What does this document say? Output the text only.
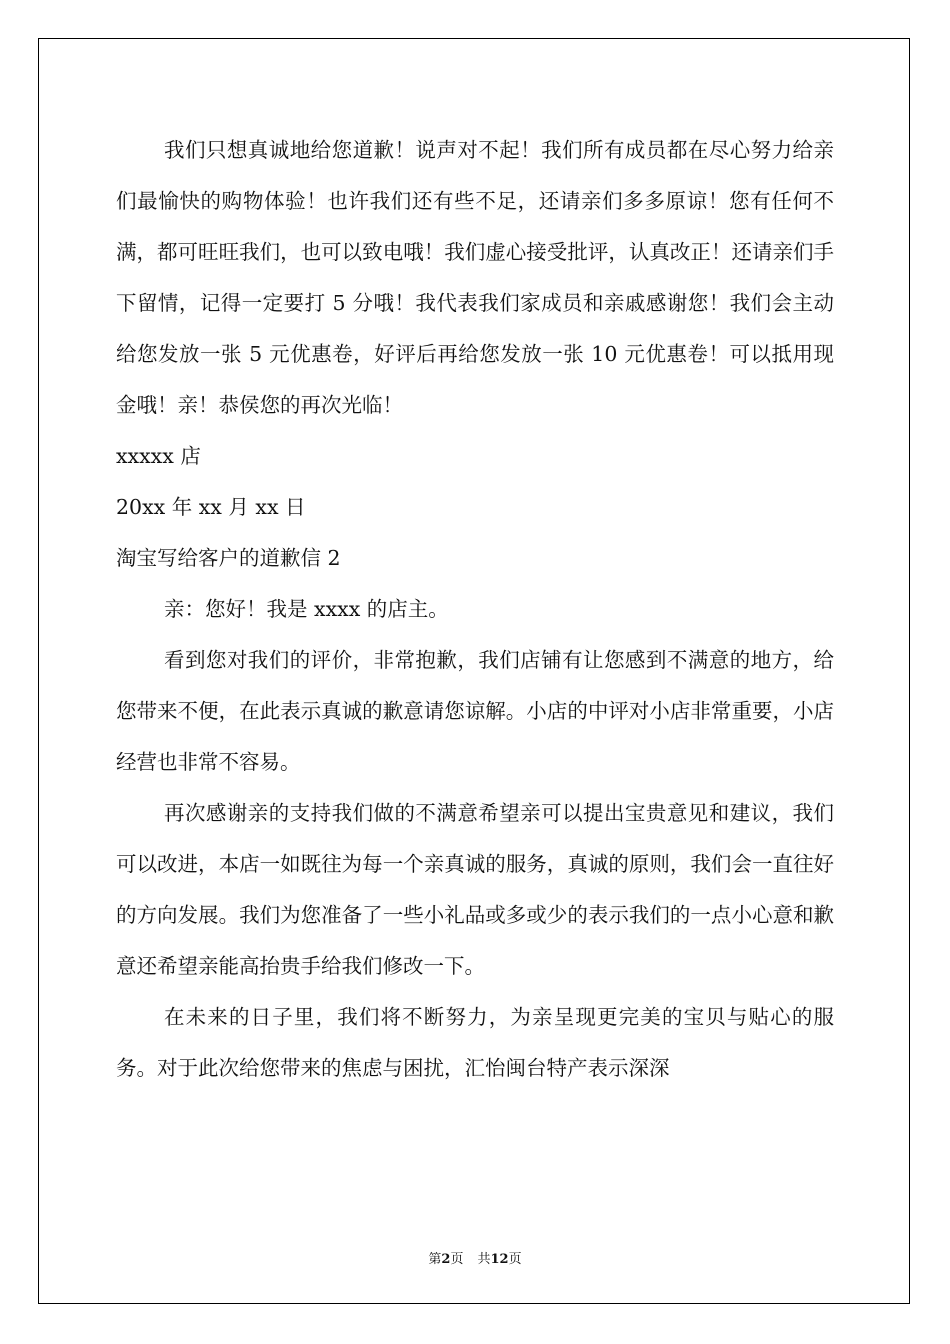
我们只想真诚地给您道歉！说声对不起！我们所有成员都在尽心努力给亲们最愉快的购物体验！也许我们还有些不足，还请亲们多多原谅！您有任何不满，都可旺旺我们，也可以致电哦！我们虚心接受批评，认真改正！还请亲们手下留情，记得一定要打 5 分哦！我代表我们家成员和亲戚感谢您！我们会主动给您发放一张 5 元优惠卷，好评后再给您发放一张 10 元优惠卷！可以抵用现金哦！亲！恭侯您的再次光临！

xxxxx 店

20xx 年 xx 月 xx 日

淘宝写给客户的道歉信 2

亲：您好！我是 xxxx 的店主。

看到您对我们的评价，非常抱歉，我们店铺有让您感到不满意的地方，给您带来不便，在此表示真诚的歉意请您谅解。小店的中评对小店非常重要，小店经营也非常不容易。

再次感谢亲的支持我们做的不满意希望亲可以提出宝贵意见和建议，我们可以改进，本店一如既往为每一个亲真诚的服务，真诚的原则，我们会一直往好的方向发展。我们为您准备了一些小礼品或多或少的表示我们的一点小心意和歉意还希望亲能高抬贵手给我们修改一下。

在未来的日子里，我们将不断努力，为亲呈现更完美的宝贝与贴心的服务。对于此次给您带来的焦虑与困扰，汇怡闽台特产表示深深

第2页 共12页
